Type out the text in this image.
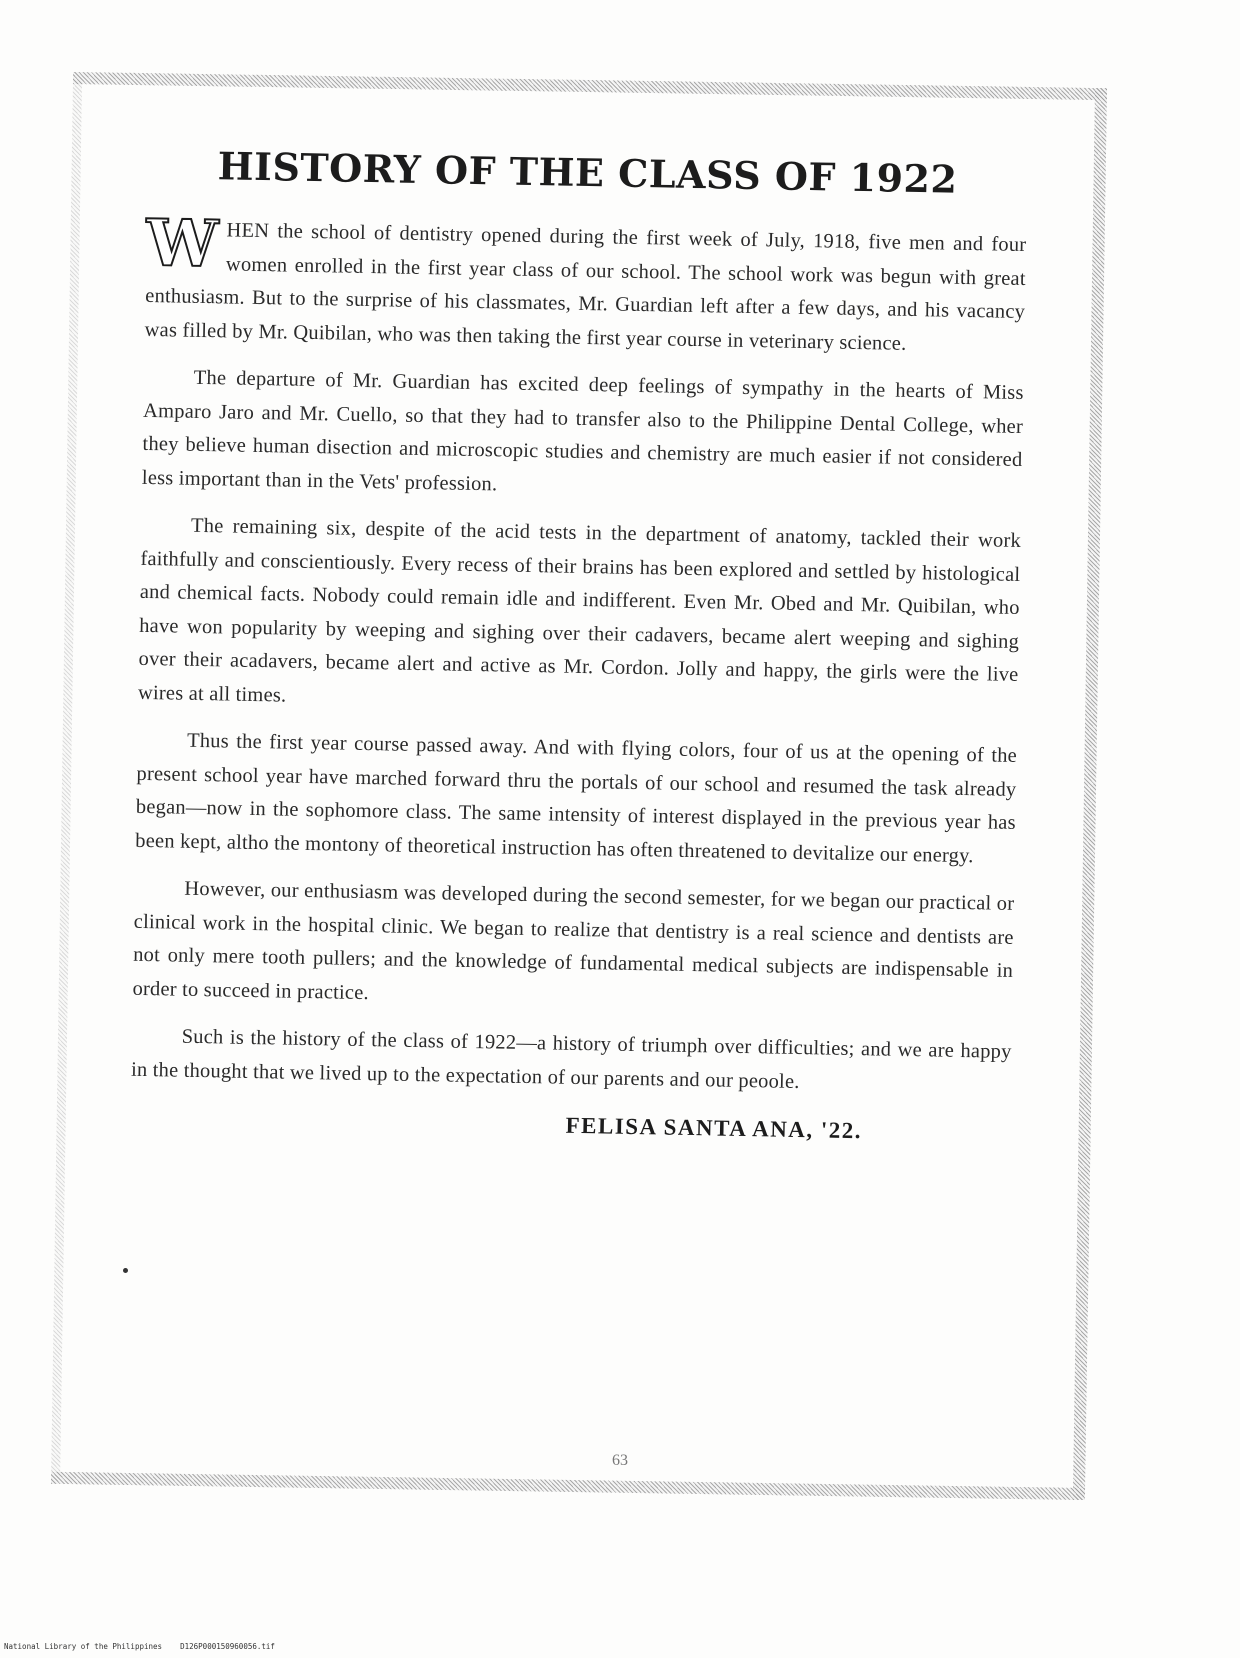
HISTORY OF THE CLASS OF 1922

WHEN the school of dentistry opened during the first week of July, 1918, five men and four women enrolled in the first year class of our school. The school work was begun with great enthusiasm. But to the surprise of his classmates, Mr. Guardian left after a few days, and his vacancy was filled by Mr. Quibilan, who was then taking the first year course in veterinary science.

The departure of Mr. Guardian has excited deep feelings of sympathy in the hearts of Miss Amparo Jaro and Mr. Cuello, so that they had to transfer also to the Philippine Dental College, wher they believe human disection and microscopic studies and chemistry are much easier if not considered less important than in the Vets' profession.

The remaining six, despite of the acid tests in the department of anatomy, tackled their work faithfully and conscientiously. Every recess of their brains has been explored and settled by histological and chemical facts. Nobody could remain idle and indifferent. Even Mr. Obed and Mr. Quibilan, who have won popularity by weeping and sighing over their cadavers, became alert weeping and sighing over their acadavers, became alert and active as Mr. Cordon. Jolly and happy, the girls were the live wires at all times.

Thus the first year course passed away. And with flying colors, four of us at the opening of the present school year have marched forward thru the portals of our school and resumed the task already began—now in the sophomore class. The same intensity of interest displayed in the previous year has been kept, altho the montony of theoretical instruction has often threatened to devitalize our energy.

However, our enthusiasm was developed during the second semester, for we began our practical or clinical work in the hospital clinic. We began to realize that dentistry is a real science and dentists are not only mere tooth pullers; and the knowledge of fundamental medical subjects are indispensable in order to succeed in practice.

Such is the history of the class of 1922—a history of triumph over difficulties; and we are happy in the thought that we lived up to the expectation of our parents and our peoole.

FELISA SANTA ANA, '22.
63
National Library of the Philippines    D126P000150960056.tif
